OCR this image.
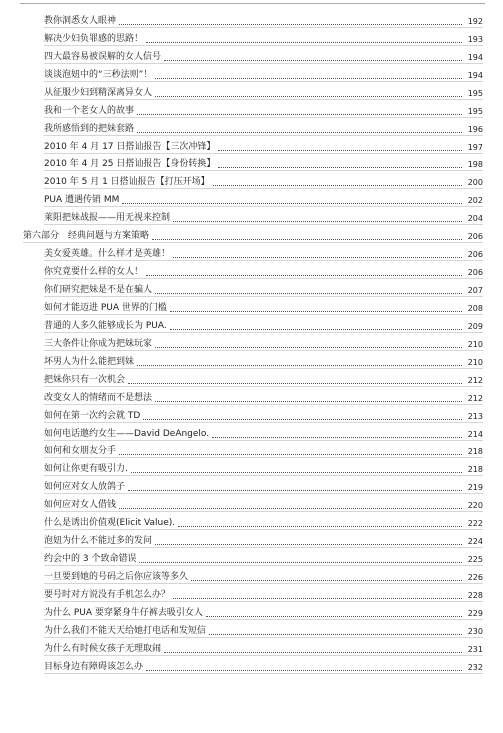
教你洞悉女人眼神	192
解决少妇负罪感的思路！	193
四大最容易被误解的女人信号	194
谈谈泡妞中的“三秒法则”！	194
从征服少妇到精深离异女人	195
我和一个老女人的故事	195
我所感悟到的把妹套路	196
2010 年 4 月 17 日搭讪报告【三次冲锋】	197
2010 年 4 月 25 日搭讪报告【身份转换】	198
2010 年 5 月 1 日搭讪报告【打压开场】	200
PUA 遭遇传销 MM	202
莱阳把妹战报——用无视来控制	204
第六部分　经典问题与方案策略	206
美女爱英雄。什么样才是英雄！	206
你究竟要什么样的女人！	206
你们研究把妹是不是在骗人	207
如何才能迈进 PUA 世界的门槛	208
普通的人多久能够成长为 PUA.	209
三大条件让你成为把妹玩家	210
坏男人为什么能把到妹	210
把妹你只有一次机会	212
改变女人的情绪而不是想法	212
如何在第一次约会就 TD	213
如何电话邀约女生——David DeAngelo.	214
如何和女朋友分手	218
如何让你更有吸引力.	218
如何应对女人放鸽子	219
如何应对女人借钱	220
什么是诱出价值观(Elicit Value).	222
泡妞为什么不能过多的发问	224
约会中的 3 个致命错误	225
一旦要到她的号码之后你应该等多久	226
要号时对方说没有手机怎么办？	228
为什么 PUA 要穿紧身牛仔裤去吸引女人	229
为什么我们不能天天给她打电话和发短信	230
为什么有时候女孩子无理取闹	231
目标身边有障碍该怎么办	232
